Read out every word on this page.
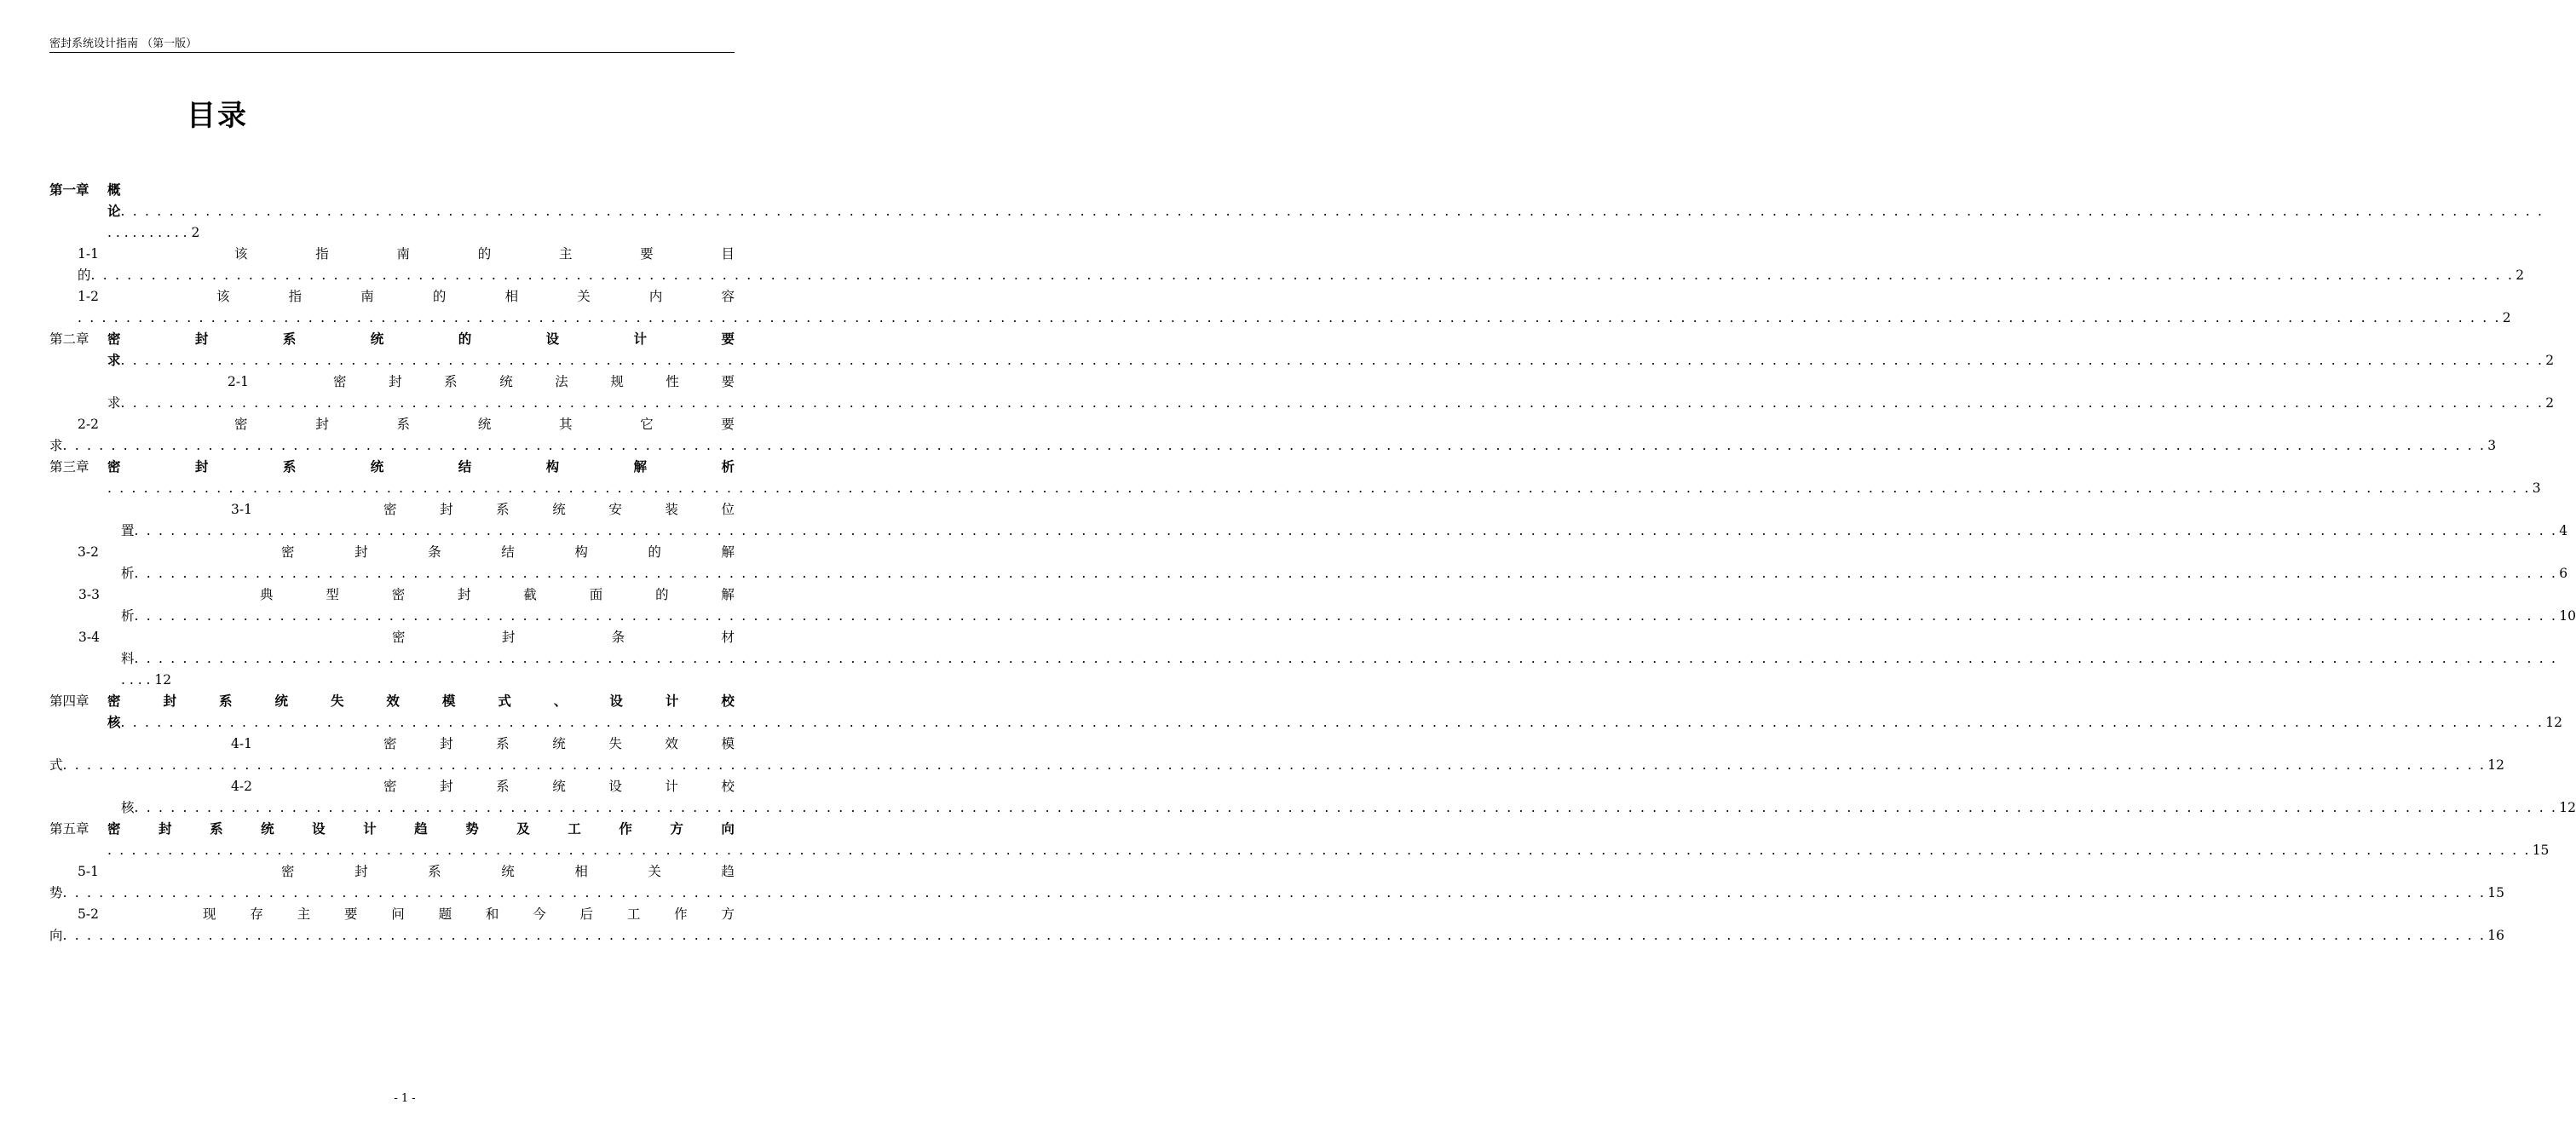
密封系统设计指南 （第一版）
目录
第一章 概
论 . . . . . . . . . . . . . . . . . . . . . . . . . . . . . . . . . . . . . . . . . . . . . . . . . . . . . . . . . . . . . . . . . . . . . . . . . . . . . . . . . . . . . . . . . . . . . . . . . . . . . . . . . . . . . . . . . . . . . . . . . . . . . . . . . . . . . . . . . . . . . . . . . . . . . . . . . . . . . . . . . . . . . . . . . . . . . . . . . . . . . . . . . . . . . . . . . . . . . . . .
. . . . . . . . . . 2
1-1	该	指	南	的	主	要	目
的 . . . . . . . . . . . . . . . . . . . . . . . . . . . . . . . . . . . . . . . . . . . . . . . . . . . . . . . . . . . . . . . . . . . . . . . . . . . . . . . . . . . . . . . . . . . . . . . . . . . . . . . . . . . . . . . . . . . . . . . . . . . . . . . . . . . . . . . . . . . . . . . . . . . . . . . . . . . . . . . . . . . . . . . . . . . . . . . . . . . . . . . . . . . . . . . . . . . . . . . . 2
1-2	该	指	南	的	相	关	内	容
. . . . . . . . . . . . . . . . . . . . . . . . . . . . . . . . . . . . . . . . . . . . . . . . . . . . . . . . . . . . . . . . . . . . . . . . . . . . . . . . . . . . . . . . . . . . . . . . . . . . . . . . . . . . . . . . . . . . . . . . . . . . . . . . . . . . . . . . . . . . . . . . . . . . . . . . . . . . . . . . . . . . . . . . . . . . . . . . . . . . . . . . . . . . . . . . . . . . . . . . 2
第二章	密	封	系	统	的	设	计	要
求 . . . . . . . . . . . . . . . . . . . . . . . . . . . . . . . . . . . . . . . . . . . . . . . . . . . . . . . . . . . . . . . . . . . . . . . . . . . . . . . . . . . . . . . . . . . . . . . . . . . . . . . . . . . . . . . . . . . . . . . . . . . . . . . . . . . . . . . . . . . . . . . . . . . . . . . . . . . . . . . . . . . . . . . . . . . . . . . . . . . . . . . . . . . . . . . . . . . . . . . . 2
2-1	密	封	系	统	法	规	性	要
求 . . . . . . . . . . . . . . . . . . . . . . . . . . . . . . . . . . . . . . . . . . . . . . . . . . . . . . . . . . . . . . . . . . . . . . . . . . . . . . . . . . . . . . . . . . . . . . . . . . . . . . . . . . . . . . . . . . . . . . . . . . . . . . . . . . . . . . . . . . . . . . . . . . . . . . . . . . . . . . . . . . . . . . . . . . . . . . . . . . . . . . . . . . . . . . . . . . . . . . . . 2
2-2	密	封	系	统	其	它	要
求 . . . . . . . . . . . . . . . . . . . . . . . . . . . . . . . . . . . . . . . . . . . . . . . . . . . . . . . . . . . . . . . . . . . . . . . . . . . . . . . . . . . . . . . . . . . . . . . . . . . . . . . . . . . . . . . . . . . . . . . . . . . . . . . . . . . . . . . . . . . . . . . . . . . . . . . . . . . . . . . . . . . . . . . . . . . . . . . . . . . . . . . . . . . . . . . . . . . . . . . . 3
第三章	密	封	系	统	结	构	解	析
. . . . . . . . . . . . . . . . . . . . . . . . . . . . . . . . . . . . . . . . . . . . . . . . . . . . . . . . . . . . . . . . . . . . . . . . . . . . . . . . . . . . . . . . . . . . . . . . . . . . . . . . . . . . . . . . . . . . . . . . . . . . . . . . . . . . . . . . . . . . . . . . . . . . . . . . . . . . . . . . . . . . . . . . . . . . . . . . . . . . . . . . . . . . . . . . . . . . . . . . 3
3-1	密	封	系	统	安	装	位
置 . . . . . . . . . . . . . . . . . . . . . . . . . . . . . . . . . . . . . . . . . . . . . . . . . . . . . . . . . . . . . . . . . . . . . . . . . . . . . . . . . . . . . . . . . . . . . . . . . . . . . . . . . . . . . . . . . . . . . . . . . . . . . . . . . . . . . . . . . . . . . . . . . . . . . . . . . . . . . . . . . . . . . . . . . . . . . . . . . . . . . . . . . . . . . . . . . . . . . . . . 4
3-2	密	封	条	结	构	的	解
析 . . . . . . . . . . . . . . . . . . . . . . . . . . . . . . . . . . . . . . . . . . . . . . . . . . . . . . . . . . . . . . . . . . . . . . . . . . . . . . . . . . . . . . . . . . . . . . . . . . . . . . . . . . . . . . . . . . . . . . . . . . . . . . . . . . . . . . . . . . . . . . . . . . . . . . . . . . . . . . . . . . . . . . . . . . . . . . . . . . . . . . . . . . . . . . . . . . . . . . . . 6
3-3	典	型	密	封	截	面	的	解
析 . . . . . . . . . . . . . . . . . . . . . . . . . . . . . . . . . . . . . . . . . . . . . . . . . . . . . . . . . . . . . . . . . . . . . . . . . . . . . . . . . . . . . . . . . . . . . . . . . . . . . . . . . . . . . . . . . . . . . . . . . . . . . . . . . . . . . . . . . . . . . . . . . . . . . . . . . . . . . . . . . . . . . . . . . . . . . . . . . . . . . . . . . . . . . . . . . . . . . . . . 10
3-4	密	封	条	材
料 . . . . . . . . . . . . . . . . . . . . . . . . . . . . . . . . . . . . . . . . . . . . . . . . . . . . . . . . . . . . . . . . . . . . . . . . . . . . . . . . . . . . . . . . . . . . . . . . . . . . . . . . . . . . . . . . . . . . . . . . . . . . . . . . . . . . . . . . . . . . . . . . . . . . . . . . . . . . . . . . . . . . . . . . . . . . . . . . . . . . . . . . . . . . . . . . . . . . . . . .
. . . . 12
第四章	密	封	系	统	失	效	模	式	、	设	计	校
核 . . . . . . . . . . . . . . . . . . . . . . . . . . . . . . . . . . . . . . . . . . . . . . . . . . . . . . . . . . . . . . . . . . . . . . . . . . . . . . . . . . . . . . . . . . . . . . . . . . . . . . . . . . . . . . . . . . . . . . . . . . . . . . . . . . . . . . . . . . . . . . . . . . . . . . . . . . . . . . . . . . . . . . . . . . . . . . . . . . . . . . . . . . . . . . . . . . . . . . . . 12
4-1	密	封	系	统	失	效	模
式 . . . . . . . . . . . . . . . . . . . . . . . . . . . . . . . . . . . . . . . . . . . . . . . . . . . . . . . . . . . . . . . . . . . . . . . . . . . . . . . . . . . . . . . . . . . . . . . . . . . . . . . . . . . . . . . . . . . . . . . . . . . . . . . . . . . . . . . . . . . . . . . . . . . . . . . . . . . . . . . . . . . . . . . . . . . . . . . . . . . . . . . . . . . . . . . . . . . . . . . . 12
4-2	密	封	系	统	设	计	校
核 . . . . . . . . . . . . . . . . . . . . . . . . . . . . . . . . . . . . . . . . . . . . . . . . . . . . . . . . . . . . . . . . . . . . . . . . . . . . . . . . . . . . . . . . . . . . . . . . . . . . . . . . . . . . . . . . . . . . . . . . . . . . . . . . . . . . . . . . . . . . . . . . . . . . . . . . . . . . . . . . . . . . . . . . . . . . . . . . . . . . . . . . . . . . . . . . . . . . . . . . 12
第五章	密	封	系	统	设	计	趋	势	及	工	作	方	向
. . . . . . . . . . . . . . . . . . . . . . . . . . . . . . . . . . . . . . . . . . . . . . . . . . . . . . . . . . . . . . . . . . . . . . . . . . . . . . . . . . . . . . . . . . . . . . . . . . . . . . . . . . . . . . . . . . . . . . . . . . . . . . . . . . . . . . . . . . . . . . . . . . . . . . . . . . . . . . . . . . . . . . . . . . . . . . . . . . . . . . . . . . . . . . . . . . . . . . . . 15
5-1	密	封	系	统	相	关	趋
势 . . . . . . . . . . . . . . . . . . . . . . . . . . . . . . . . . . . . . . . . . . . . . . . . . . . . . . . . . . . . . . . . . . . . . . . . . . . . . . . . . . . . . . . . . . . . . . . . . . . . . . . . . . . . . . . . . . . . . . . . . . . . . . . . . . . . . . . . . . . . . . . . . . . . . . . . . . . . . . . . . . . . . . . . . . . . . . . . . . . . . . . . . . . . . . . . . . . . . . . . 15
5-2	现	存	主	要	问	题	和	今	后	工	作	方
向 . . . . . . . . . . . . . . . . . . . . . . . . . . . . . . . . . . . . . . . . . . . . . . . . . . . . . . . . . . . . . . . . . . . . . . . . . . . . . . . . . . . . . . . . . . . . . . . . . . . . . . . . . . . . . . . . . . . . . . . . . . . . . . . . . . . . . . . . . . . . . . . . . . . . . . . . . . . . . . . . . . . . . . . . . . . . . . . . . . . . . . . . . . . . . . . . . . . . . . . . 16
- 1 -
